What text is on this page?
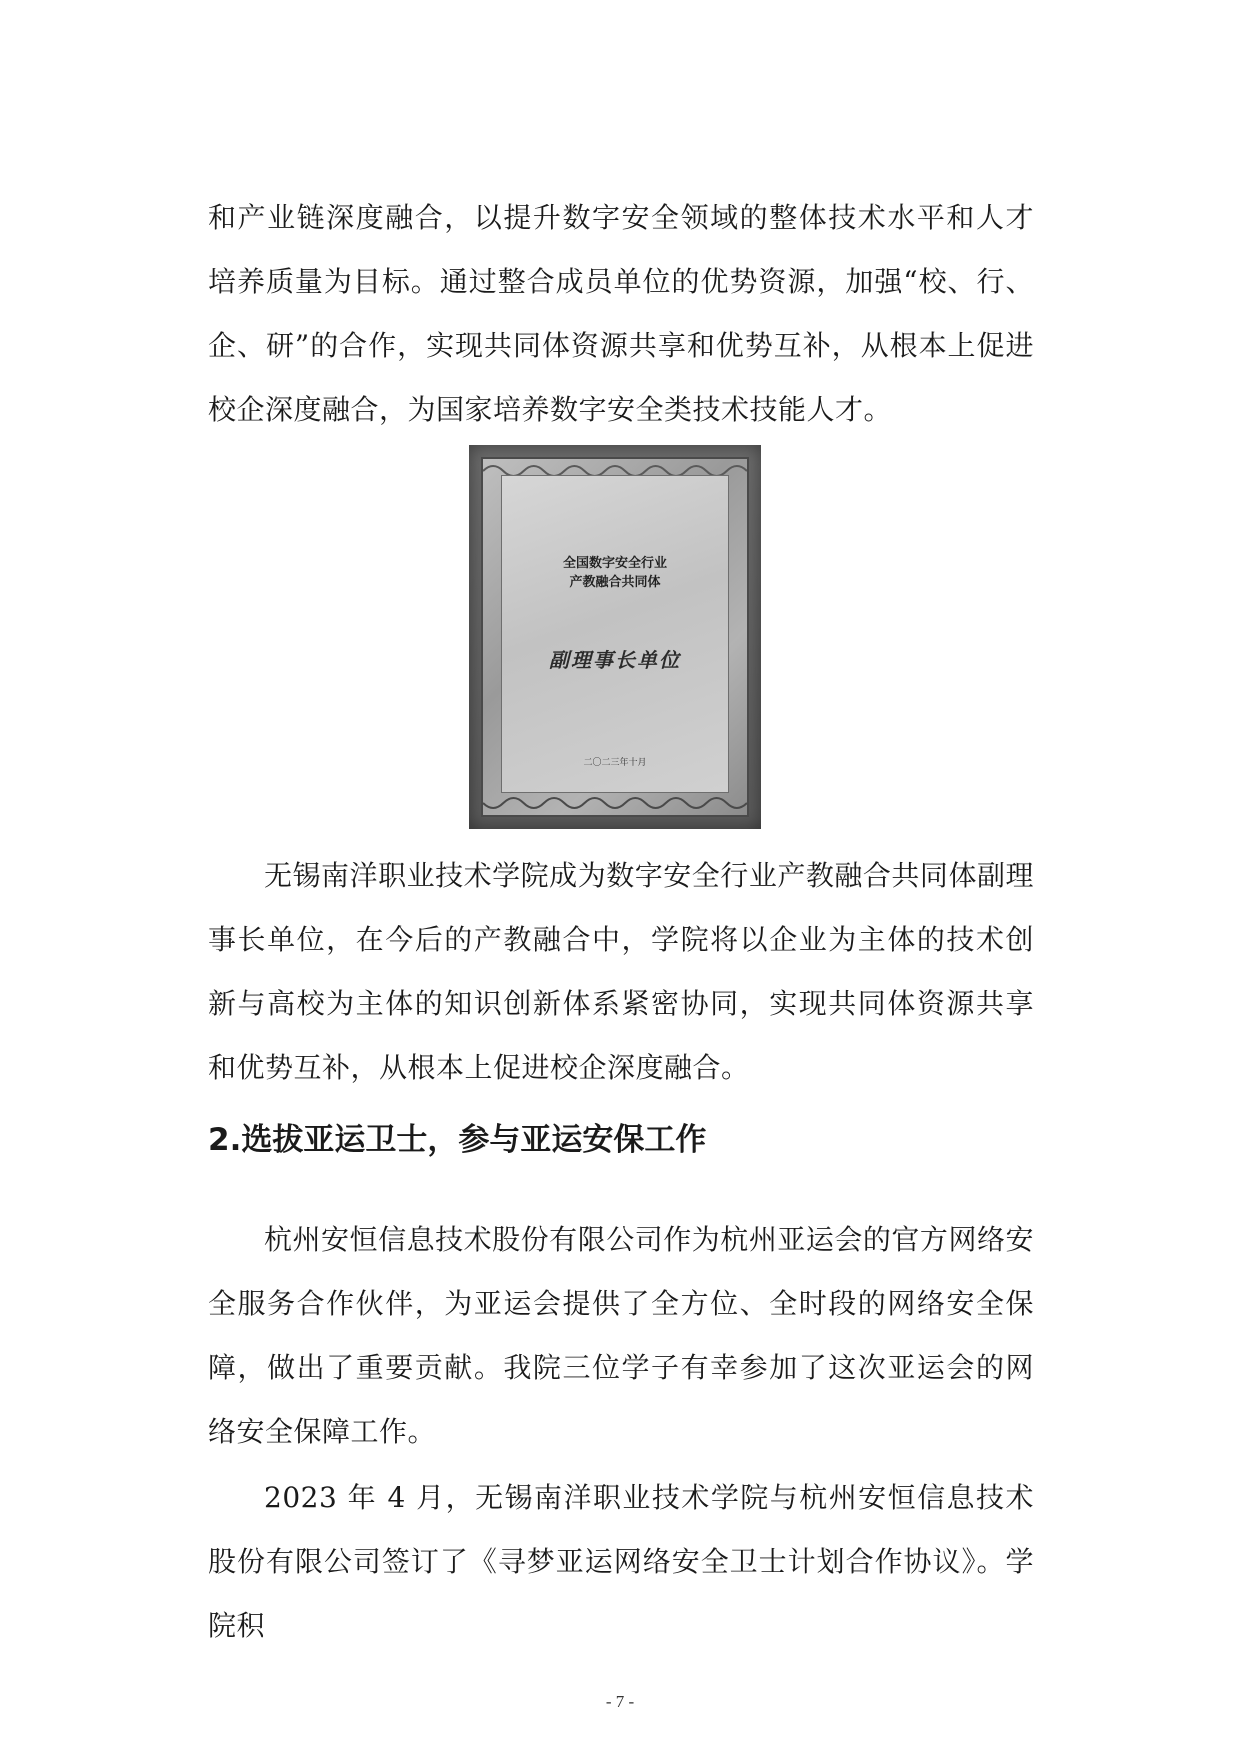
和产业链深度融合，以提升数字安全领域的整体技术水平和人才培养质量为目标。通过整合成员单位的优势资源，加强“校、行、企、研”的合作，实现共同体资源共享和优势互补，从根本上促进校企深度融合，为国家培养数字安全类技术技能人才。

全国数字安全行业
产教融合共同体
副理事长单位
二〇二三年十月

无锡南洋职业技术学院成为数字安全行业产教融合共同体副理事长单位，在今后的产教融合中，学院将以企业为主体的技术创新与高校为主体的知识创新体系紧密协同，实现共同体资源共享和优势互补，从根本上促进校企深度融合。

2.选拔亚运卫士，参与亚运安保工作

杭州安恒信息技术股份有限公司作为杭州亚运会的官方网络安全服务合作伙伴，为亚运会提供了全方位、全时段的网络安全保障，做出了重要贡献。我院三位学子有幸参加了这次亚运会的网络安全保障工作。

2023 年 4 月，无锡南洋职业技术学院与杭州安恒信息技术股份有限公司签订了《寻梦亚运网络安全卫士计划合作协议》。学院积

- 7 -
